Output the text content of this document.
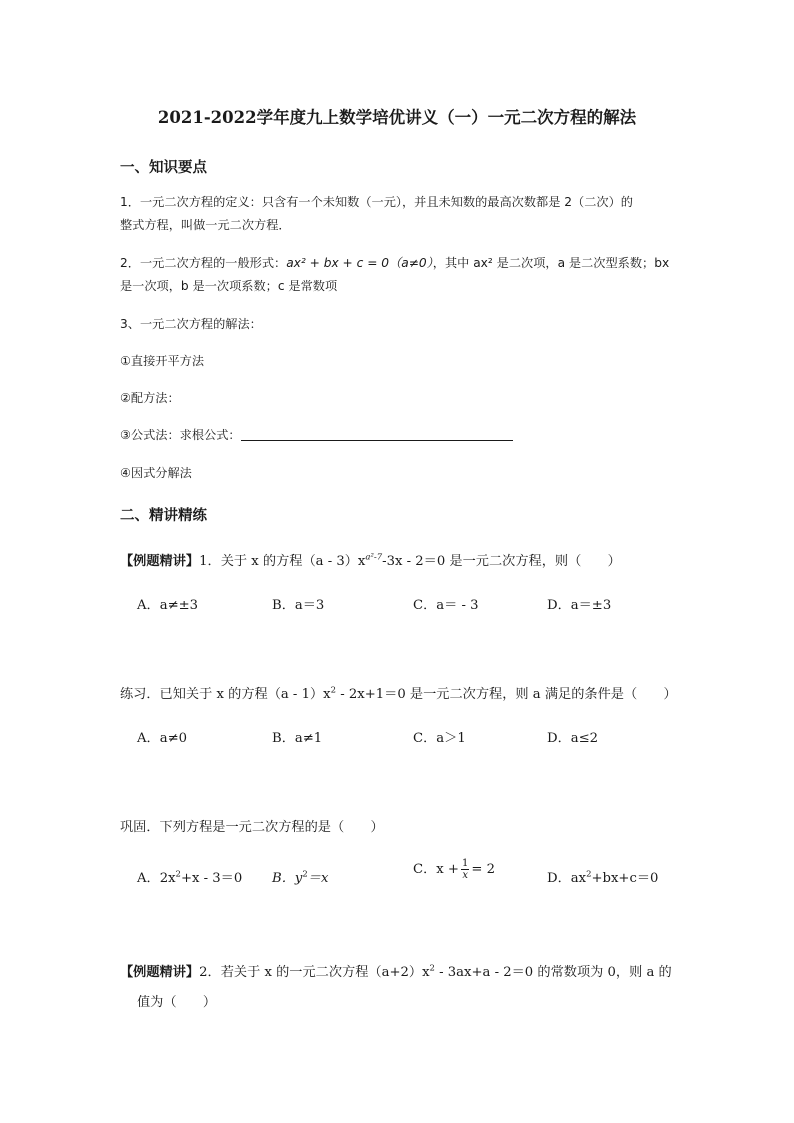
2021-2022学年度九上数学培优讲义（一）一元二次方程的解法
一、知识要点
1．一元二次方程的定义：只含有一个未知数（一元），并且未知数的最高次数都是 2（二次）的
整式方程，叫做一元二次方程．
2．一元二次方程的一般形式：ax² + bx + c = 0（a≠0），其中 ax² 是二次项，a 是二次型系数；bx
是一次项，b 是一次项系数；c 是常数项
3、一元二次方程的解法：
①直接开平方法
②配方法：
③公式法：求根公式：
④因式分解法
二、精讲精练
【例题精讲】1．关于 x 的方程$(a - 3)x^{a^2-7}-3x - 2=0$ 是一元二次方程，则（　　）
A．a≠±3	B．a＝3	C．a＝ - 3	D．a＝±3
练习．已知关于 x 的方程$(a - 1)x^2 - 2x+1=0$ 是一元二次方程，则 a 满足的条件是（　　）
A．a≠0	B．a≠1	C．a＞1	D．a≤2
巩固．下列方程是一元二次方程的是（　　）
A．$2x^2+x - 3=0$ B．$y^2=x$
C．$x + \frac{1}{x} = 2$
D．$ax^2+bx+c=0$
【例题精讲】2．若关于 x 的一元二次方程$(a+2)x^2 - 3ax+a - 2=0$ 的常数项为 0，则 a 的
值为（　　）
